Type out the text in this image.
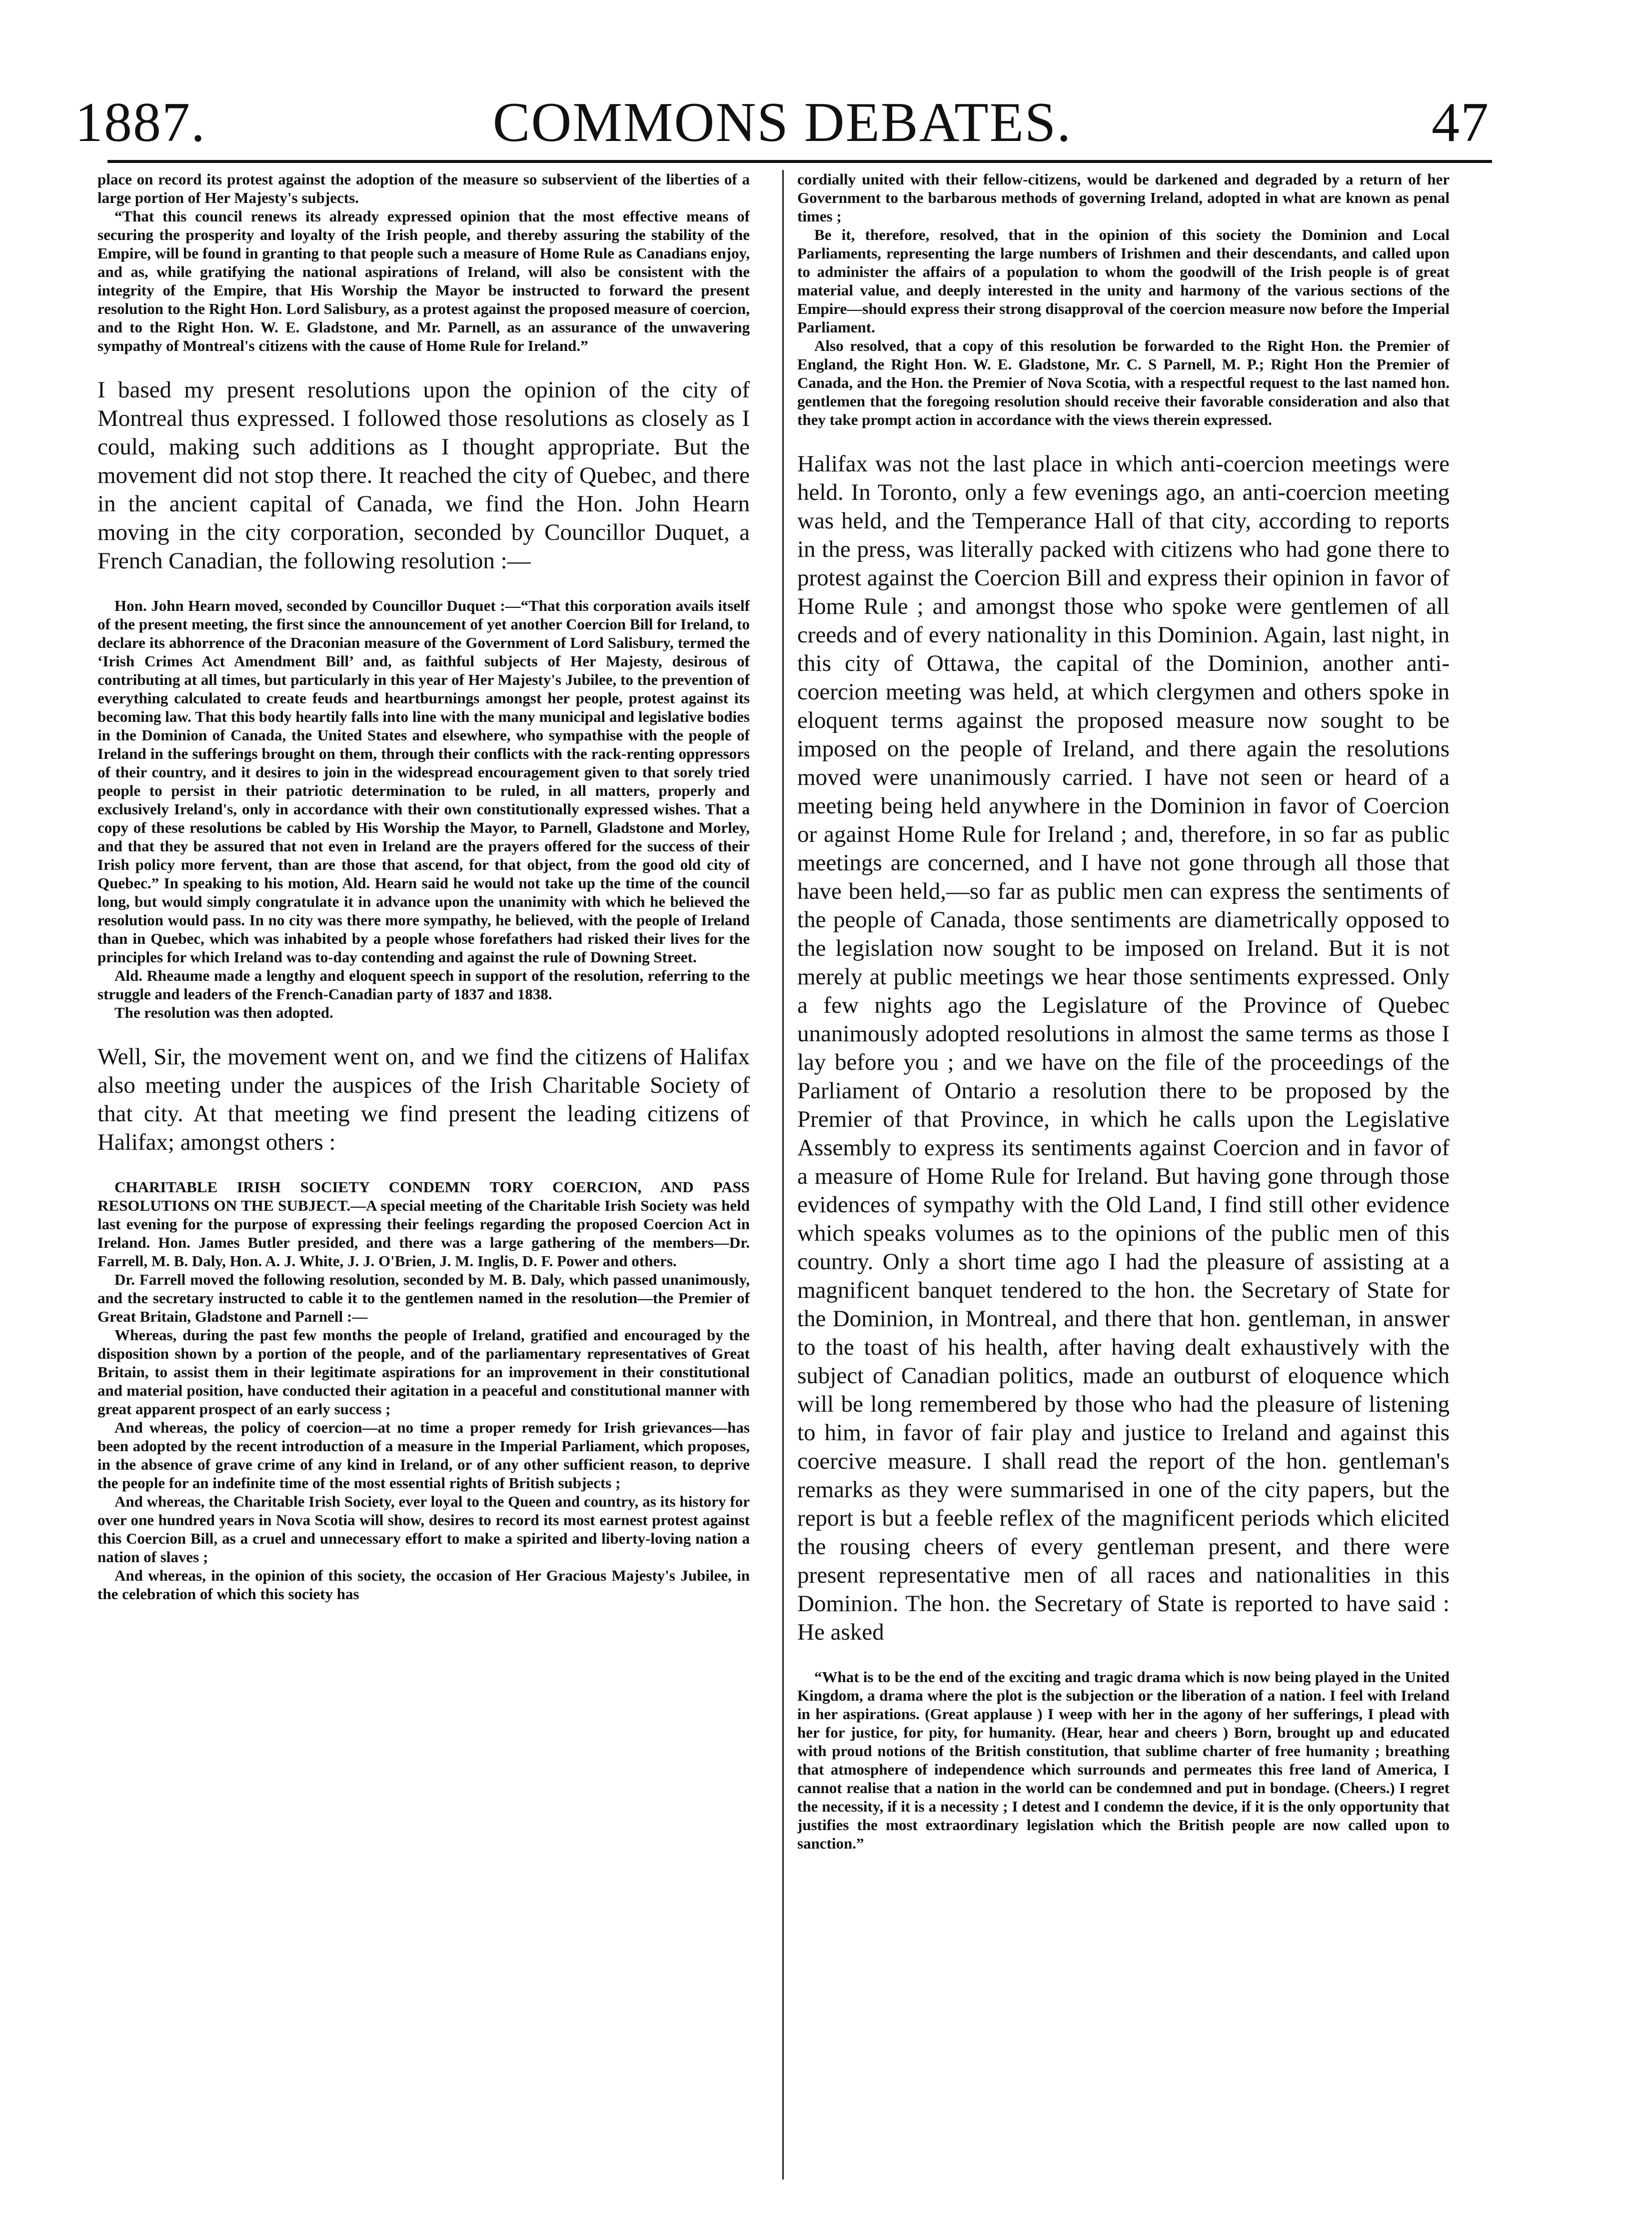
1887.	COMMONS DEBATES.	47

place on record its protest against the adoption of the measure so subservient of the liberties of a large portion of Her Majesty's subjects.

“That this council renews its already expressed opinion that the most effective means of securing the prosperity and loyalty of the Irish people, and thereby assuring the stability of the Empire, will be found in granting to that people such a measure of Home Rule as Canadians enjoy, and as, while gratifying the national aspirations of Ireland, will also be consistent with the integrity of the Empire, that His Worship the Mayor be instructed to forward the present resolution to the Right Hon. Lord Salisbury, as a protest against the proposed measure of coercion, and to the Right Hon. W. E. Gladstone, and Mr. Parnell, as an assurance of the unwavering sympathy of Montreal's citizens with the cause of Home Rule for Ireland.”

I based my present resolutions upon the opinion of the city of Montreal thus expressed. I followed those resolutions as closely as I could, making such additions as I thought appropriate. But the movement did not stop there. It reached the city of Quebec, and there in the ancient capital of Canada, we find the Hon. John Hearn moving in the city corporation, seconded by Councillor Duquet, a French Canadian, the following resolution :—

Hon. John Hearn moved, seconded by Councillor Duquet :—“That this corporation avails itself of the present meeting, the first since the announcement of yet another Coercion Bill for Ireland, to declare its abhorrence of the Draconian measure of the Government of Lord Salisbury, termed the ‘Irish Crimes Act Amendment Bill’ and, as faithful subjects of Her Majesty, desirous of contributing at all times, but particularly in this year of Her Majesty's Jubilee, to the prevention of everything calculated to create feuds and heartburnings amongst her people, protest against its becoming law. That this body heartily falls into line with the many municipal and legislative bodies in the Dominion of Canada, the United States and elsewhere, who sympathise with the people of Ireland in the sufferings brought on them, through their conflicts with the rack-renting oppressors of their country, and it desires to join in the widespread encouragement given to that sorely tried people to persist in their patriotic determination to be ruled, in all matters, properly and exclusively Ireland's, only in accordance with their own constitutionally expressed wishes. That a copy of these resolutions be cabled by His Worship the Mayor, to Parnell, Gladstone and Morley, and that they be assured that not even in Ireland are the prayers offered for the success of their Irish policy more fervent, than are those that ascend, for that object, from the good old city of Quebec.” In speaking to his motion, Ald. Hearn said he would not take up the time of the council long, but would simply congratulate it in advance upon the unanimity with which he believed the resolution would pass. In no city was there more sympathy, he believed, with the people of Ireland than in Quebec, which was inhabited by a people whose forefathers had risked their lives for the principles for which Ireland was to-day contending and against the rule of Downing Street.

Ald. Rheaume made a lengthy and eloquent speech in support of the resolution, referring to the struggle and leaders of the French-Canadian party of 1837 and 1838.

The resolution was then adopted.

Well, Sir, the movement went on, and we find the citizens of Halifax also meeting under the auspices of the Irish Charitable Society of that city. At that meeting we find present the leading citizens of Halifax; amongst others :

CHARITABLE IRISH SOCIETY CONDEMN TORY COERCION, AND PASS RESOLUTIONS ON THE SUBJECT.—A special meeting of the Charitable Irish Society was held last evening for the purpose of expressing their feelings regarding the proposed Coercion Act in Ireland. Hon. James Butler presided, and there was a large gathering of the members—Dr. Farrell, M. B. Daly, Hon. A. J. White, J. J. O'Brien, J. M. Inglis, D. F. Power and others.

Dr. Farrell moved the following resolution, seconded by M. B. Daly, which passed unanimously, and the secretary instructed to cable it to the gentlemen named in the resolution—the Premier of Great Britain, Gladstone and Parnell :—

Whereas, during the past few months the people of Ireland, gratified and encouraged by the disposition shown by a portion of the people, and of the parliamentary representatives of Great Britain, to assist them in their legitimate aspirations for an improvement in their constitutional and material position, have conducted their agitation in a peaceful and constitutional manner with great apparent prospect of an early success ;

And whereas, the policy of coercion—at no time a proper remedy for Irish grievances—has been adopted by the recent introduction of a measure in the Imperial Parliament, which proposes, in the absence of grave crime of any kind in Ireland, or of any other sufficient reason, to deprive the people for an indefinite time of the most essential rights of British subjects ;

And whereas, the Charitable Irish Society, ever loyal to the Queen and country, as its history for over one hundred years in Nova Scotia will show, desires to record its most earnest protest against this Coercion Bill, as a cruel and unnecessary effort to make a spirited and liberty-loving nation a nation of slaves ;

And whereas, in the opinion of this society, the occasion of Her Gracious Majesty's Jubilee, in the celebration of which this society has

cordially united with their fellow-citizens, would be darkened and degraded by a return of her Government to the barbarous methods of governing Ireland, adopted in what are known as penal times ;

Be it, therefore, resolved, that in the opinion of this society the Dominion and Local Parliaments, representing the large numbers of Irishmen and their descendants, and called upon to administer the affairs of a population to whom the goodwill of the Irish people is of great material value, and deeply interested in the unity and harmony of the various sections of the Empire—should express their strong disapproval of the coercion measure now before the Imperial Parliament.

Also resolved, that a copy of this resolution be forwarded to the Right Hon. the Premier of England, the Right Hon. W. E. Gladstone, Mr. C. S Parnell, M. P.; Right Hon the Premier of Canada, and the Hon. the Premier of Nova Scotia, with a respectful request to the last named hon. gentlemen that the foregoing resolution should receive their favorable consideration and also that they take prompt action in accordance with the views therein expressed.

Halifax was not the last place in which anti-coercion meetings were held. In Toronto, only a few evenings ago, an anti-coercion meeting was held, and the Temperance Hall of that city, according to reports in the press, was literally packed with citizens who had gone there to protest against the Coercion Bill and express their opinion in favor of Home Rule ; and amongst those who spoke were gentlemen of all creeds and of every nationality in this Dominion. Again, last night, in this city of Ottawa, the capital of the Dominion, another anti-coercion meeting was held, at which clergymen and others spoke in eloquent terms against the proposed measure now sought to be imposed on the people of Ireland, and there again the resolutions moved were unanimously carried. I have not seen or heard of a meeting being held anywhere in the Dominion in favor of Coercion or against Home Rule for Ireland ; and, therefore, in so far as public meetings are concerned, and I have not gone through all those that have been held,—so far as public men can express the sentiments of the people of Canada, those sentiments are diametrically opposed to the legislation now sought to be imposed on Ireland. But it is not merely at public meetings we hear those sentiments expressed. Only a few nights ago the Legislature of the Province of Quebec unanimously adopted resolutions in almost the same terms as those I lay before you ; and we have on the file of the proceedings of the Parliament of Ontario a resolution there to be proposed by the Premier of that Province, in which he calls upon the Legislative Assembly to express its sentiments against Coercion and in favor of a measure of Home Rule for Ireland. But having gone through those evidences of sympathy with the Old Land, I find still other evidence which speaks volumes as to the opinions of the public men of this country. Only a short time ago I had the pleasure of assisting at a magnificent banquet tendered to the hon. the Secretary of State for the Dominion, in Montreal, and there that hon. gentleman, in answer to the toast of his health, after having dealt exhaustively with the subject of Canadian politics, made an outburst of eloquence which will be long remembered by those who had the pleasure of listening to him, in favor of fair play and justice to Ireland and against this coercive measure. I shall read the report of the hon. gentleman's remarks as they were summarised in one of the city papers, but the report is but a feeble reflex of the magnificent periods which elicited the rousing cheers of every gentleman present, and there were present representative men of all races and nationalities in this Dominion. The hon. the Secretary of State is reported to have said : He asked

“What is to be the end of the exciting and tragic drama which is now being played in the United Kingdom, a drama where the plot is the subjection or the liberation of a nation. I feel with Ireland in her aspirations. (Great applause ) I weep with her in the agony of her sufferings, I plead with her for justice, for pity, for humanity. (Hear, hear and cheers ) Born, brought up and educated with proud notions of the British constitution, that sublime charter of free humanity ; breathing that atmosphere of independence which surrounds and permeates this free land of America, I cannot realise that a nation in the world can be condemned and put in bondage. (Cheers.) I regret the necessity, if it is a necessity ; I detest and I condemn the device, if it is the only opportunity that justifies the most extraordinary legislation which the British people are now called upon to sanction.”
